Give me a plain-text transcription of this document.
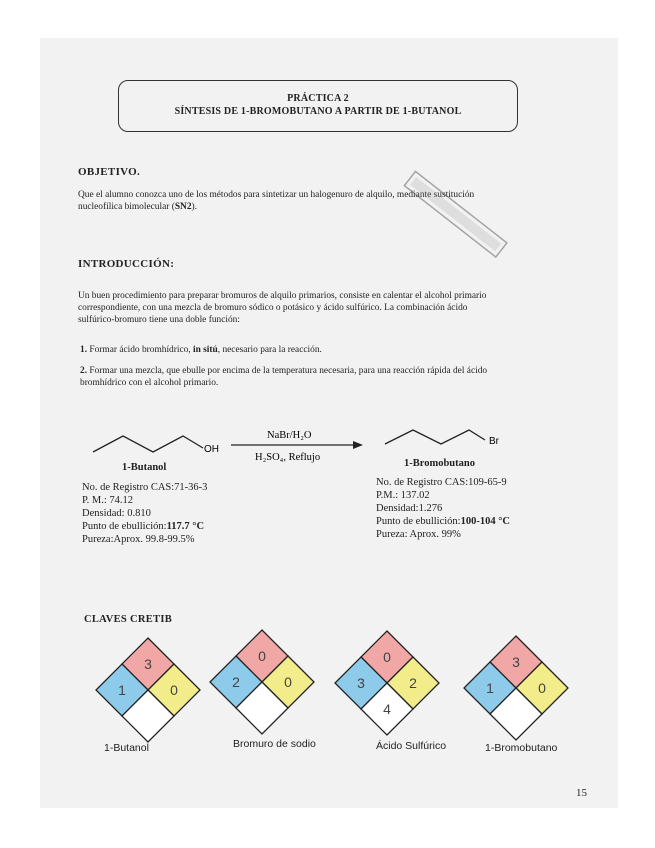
PRÁCTICA 2
SÍNTESIS DE 1-BROMOBUTANO A PARTIR DE 1-BUTANOL
OBJETIVO.
Que el alumno conozca uno de los métodos para sintetizar un halogenuro de alquilo, mediante sustitución
nucleofílica bimolecular (SN2).
INTRODUCCIÓN:
Un buen procedimiento para preparar bromuros de alquilo primarios, consiste en calentar el alcohol primario
correspondiente, con una mezcla de bromuro sódico o potásico y ácido sulfúrico. La combinación ácido
sulfúrico-bromuro tiene una doble función:
1. Formar ácido bromhídrico, in sitú, necesario para la reacción.
2. Formar una mezcla, que ebulle por encima de la temperatura necesaria, para una reacción rápida del ácido
bromhídrico con el alcohol primario.
OH
NaBr/H₂O
H₂SO₄, Reflujo
Br
1-Butanol
No. de Registro CAS:71-36-3
P. M.: 74.12
Densidad: 0.810
Punto de ebullición:117.7 °C
Pureza:Aprox. 99.8-99.5%
1-Bromobutano
No. de Registro CAS:109-65-9
P.M.: 137.02
Densidad:1.276
Punto de ebullición:100-104 °C
Pureza: Aprox. 99%
CLAVES CRETIB
3
1	0
1-Butanol
0
2	0
Bromuro de sodio
0
3	2
4
Ácido Sulfúrico
3
1	0
1-Bromobutano
15
